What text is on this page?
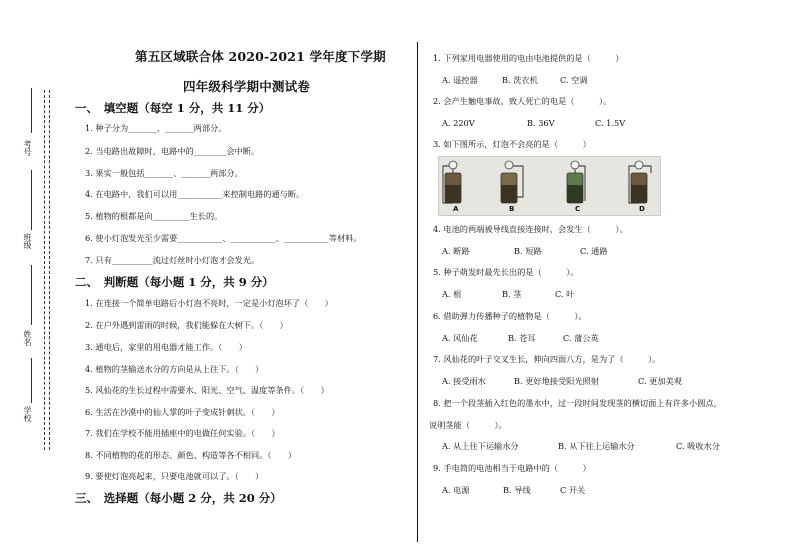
考号
班级
姓名
学校
第五区域联合体 2020-2021 学年度下学期
四年级科学期中测试卷
一、　填空题（每空 1 分，共 11 分）
1. 种子分为_______、_______两部分。
2. 当电路出故障时，电路中的________会中断。
3. 果实一般包括_______、_______两部分。
4. 在电路中，我们可以用___________来控制电路的通与断。
5. 植物的根都是向_________生长的。
6. 使小灯泡发光至少需要___________、___________、___________等材料。
7. 只有__________流过灯丝时小灯泡才会发光。
二、　判断题（每小题 1 分，共 9 分）
1. 在连接一个简单电路后小灯泡不亮时，一定是小灯泡坏了（　　）
2. 在户外遇到雷雨的时候，我们能躲在大树下。（　　）
3. 通电后，家里的用电器才能工作。（　　）
4. 植物的茎输送水分的方向是从上往下。（　　）
5. 风仙花的生长过程中需要水、阳光、空气、温度等条件。（　　）
6. 生活在沙漠中的仙人掌的叶子变成针刺状。（　　）
7. 我们在学校不能用插座中的电做任何实验。（　　）
8. 不同植物的花的形态、颜色、构造等各不相同。（　　）
9. 要使灯泡亮起来，只要电池就可以了。（　　）
三、　选择题（每小题 2 分，共 20 分）
1. 下列家用电器使用的电由电池提供的是（　　　）
A. 遥控器	B. 洗衣机	C. 空调
2. 会产生触电事故，致人死亡的电是（　　　）。
A. 220V	B. 36V	C. 1.5V
3. 如下图所示，灯泡不会亮的是（　　　）
A	B	C	D
4. 电池的两端被导线直接连接时，会发生（　　　）。
A. 断路	B. 短路	C. 通路
5. 种子萌发时最先长出的是（　　　）。
A. 根	B. 茎	C. 叶
6. 借助弹力传播种子的植物是（　　　）。
A. 风仙花	B. 苍耳	C. 蒲公英
7. 风仙花的叶子交叉生长，伸向四面八方，是为了（　　　）。
A. 接受雨水	B. 更好地接受阳光照射	C. 更加美观
8. 把一个段茎插入红色的墨水中，过一段时间发现茎的横切面上有许多小圆点，
说明茎能（　　　）。
A. 从上往下运输水分	B. 从下往上运输水分	C. 吸收水分
9. 手电筒的电池相当于电路中的（　　　）
A. 电源	B. 导线	C 开关
